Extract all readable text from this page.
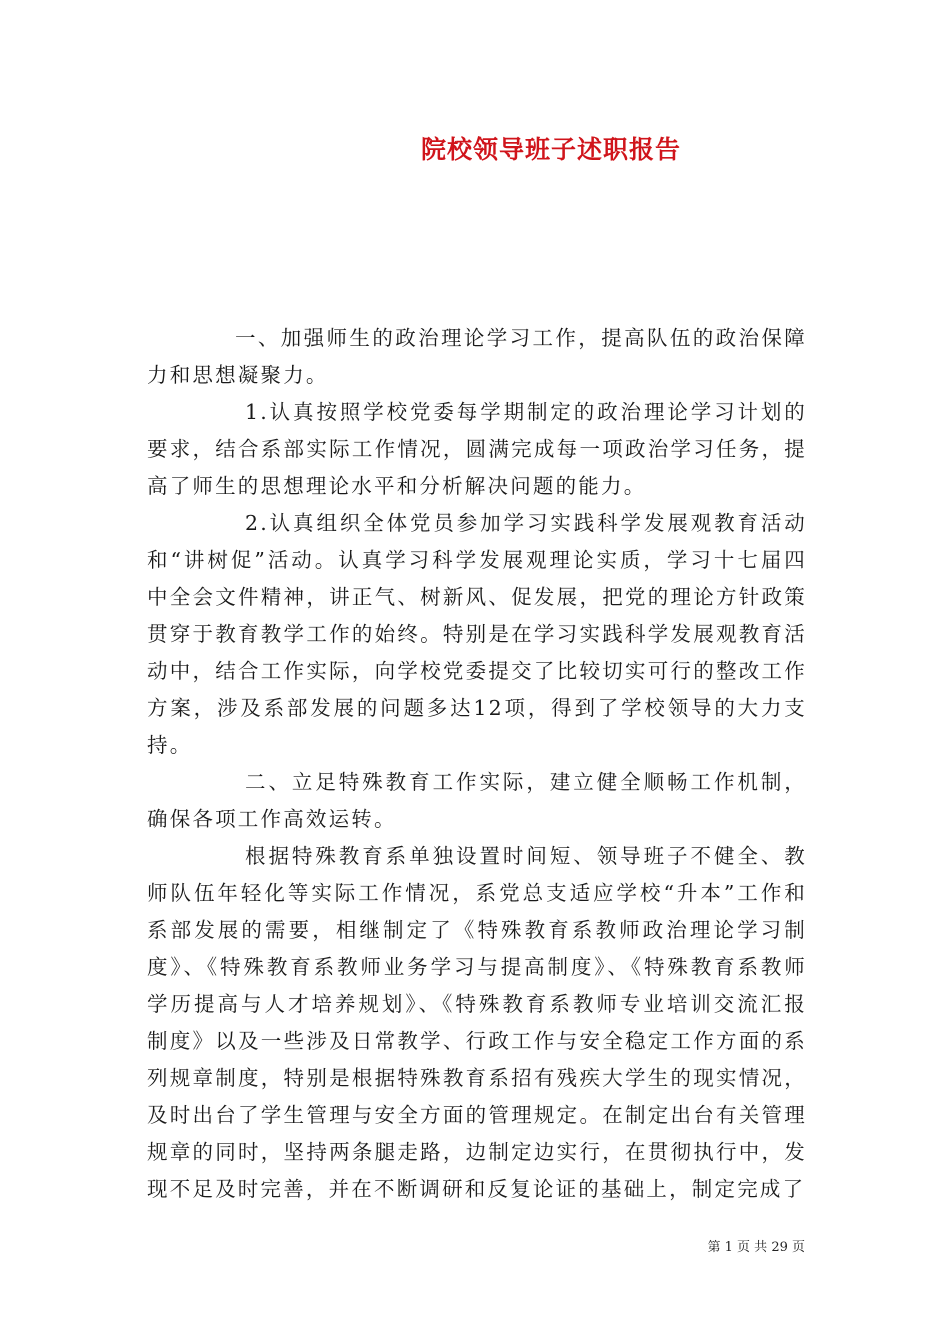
院校领导班子述职报告

一、加强师生的政治理论学习工作，提高队伍的政治保障力和思想凝聚力。

1.认真按照学校党委每学期制定的政治理论学习计划的要求，结合系部实际工作情况，圆满完成每一项政治学习任务，提高了师生的思想理论水平和分析解决问题的能力。

2.认真组织全体党员参加学习实践科学发展观教育活动和“讲树促”活动。认真学习科学发展观理论实质，学习十七届四中全会文件精神，讲正气、树新风、促发展，把党的理论方针政策贯穿于教育教学工作的始终。特别是在学习实践科学发展观教育活动中，结合工作实际，向学校党委提交了比较切实可行的整改工作方案，涉及系部发展的问题多达12项，得到了学校领导的大力支持。

二、立足特殊教育工作实际，建立健全顺畅工作机制，确保各项工作高效运转。

根据特殊教育系单独设置时间短、领导班子不健全、教师队伍年轻化等实际工作情况，系党总支适应学校“升本”工作和系部发展的需要，相继制定了《特殊教育系教师政治理论学习制度》、《特殊教育系教师业务学习与提高制度》、《特殊教育系教师学历提高与人才培养规划》、《特殊教育系教师专业培训交流汇报制度》以及一些涉及日常教学、行政工作与安全稳定工作方面的系列规章制度，特别是根据特殊教育系招有残疾大学生的现实情况，及时出台了学生管理与安全方面的管理规定。在制定出台有关管理规章的同时，坚持两条腿走路，边制定边实行，在贯彻执行中，发现不足及时完善，并在不断调研和反复论证的基础上，制定完成了

第 1 页 共 29 页
